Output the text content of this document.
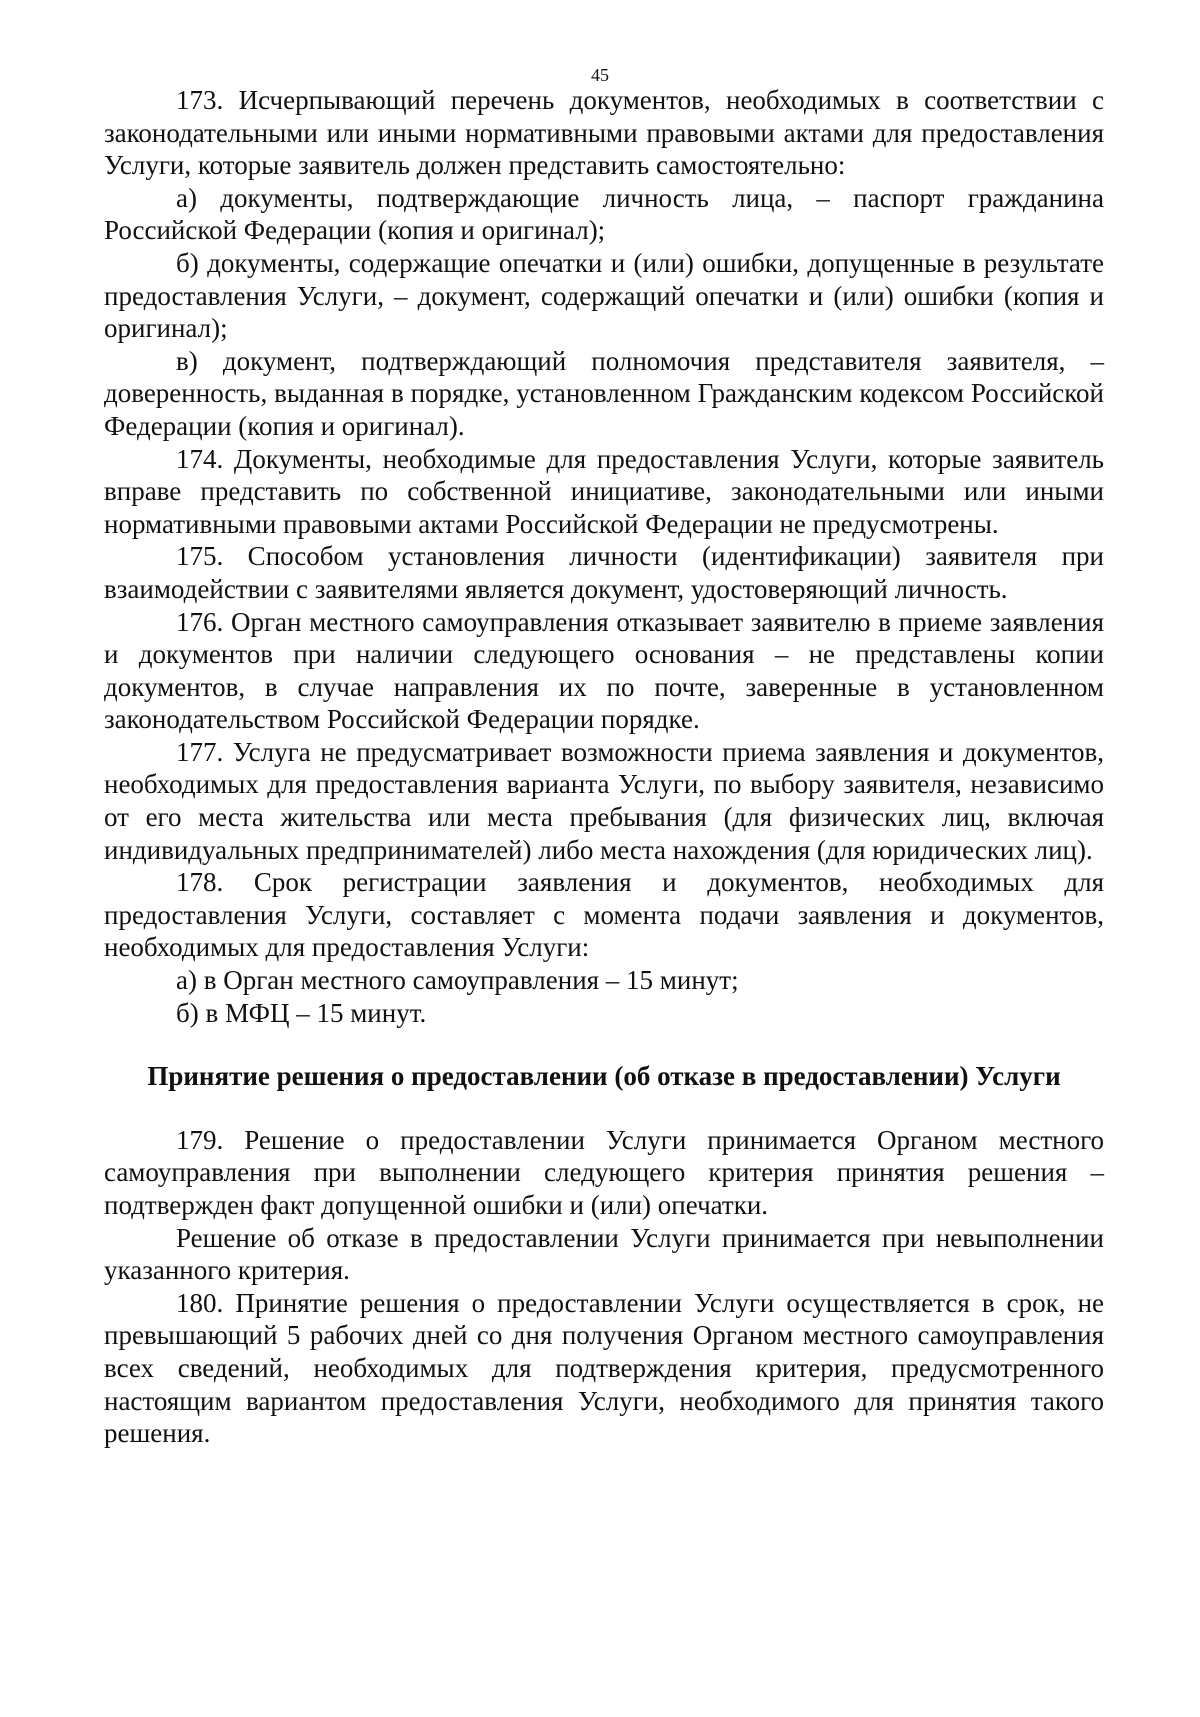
45

173. Исчерпывающий перечень документов, необходимых в соответствии с законодательными или иными нормативными правовыми актами для предоставления Услуги, которые заявитель должен представить самостоятельно:

а) документы, подтверждающие личность лица, – паспорт гражданина Российской Федерации (копия и оригинал);

б) документы, содержащие опечатки и (или) ошибки, допущенные в результате предоставления Услуги, – документ, содержащий опечатки и (или) ошибки (копия и оригинал);

в) документ, подтверждающий полномочия представителя заявителя, – доверенность, выданная в порядке, установленном Гражданским кодексом Российской Федерации (копия и оригинал).

174. Документы, необходимые для предоставления Услуги, которые заявитель вправе представить по собственной инициативе, законодательными или иными нормативными правовыми актами Российской Федерации не предусмотрены.

175. Способом установления личности (идентификации) заявителя при взаимодействии с заявителями является документ, удостоверяющий личность.

176. Орган местного самоуправления отказывает заявителю в приеме заявления и документов при наличии следующего основания – не представлены копии документов, в случае направления их по почте, заверенные в установленном законодательством Российской Федерации порядке.

177. Услуга не предусматривает возможности приема заявления и документов, необходимых для предоставления варианта Услуги, по выбору заявителя, независимо от его места жительства или места пребывания (для физических лиц, включая индивидуальных предпринимателей) либо места нахождения (для юридических лиц).

178. Срок регистрации заявления и документов, необходимых для предоставления Услуги, составляет с момента подачи заявления и документов, необходимых для предоставления Услуги:

а) в Орган местного самоуправления – 15 минут;

б) в МФЦ – 15 минут.

Принятие решения о предоставлении (об отказе в предоставлении) Услуги

179. Решение о предоставлении Услуги принимается Органом местного самоуправления при выполнении следующего критерия принятия решения – подтвержден факт допущенной ошибки и (или) опечатки.

Решение об отказе в предоставлении Услуги принимается при невыполнении указанного критерия.

180. Принятие решения о предоставлении Услуги осуществляется в срок, не превышающий 5 рабочих дней со дня получения Органом местного самоуправления всех сведений, необходимых для подтверждения критерия, предусмотренного настоящим вариантом предоставления Услуги, необходимого для принятия такого решения.
